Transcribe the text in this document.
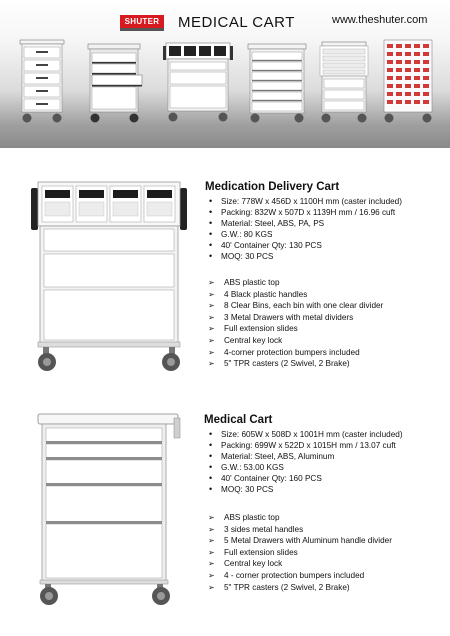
SHUTER	MEDICAL CART	www.theshuter.com
Medication Delivery Cart
• Size: 778W x 456D x 1100H mm (caster included)
• Packing: 832W x 507D x 1139H mm / 16.96 cuft
• Material: Steel, ABS, PA, PS
• G.W.: 80 KGS
• 40' Container Qty: 130 PCS
• MOQ: 30 PCS
➢ ABS plastic top
➢ 4 Black plastic handles
➢ 8 Clear Bins, each bin with one clear divider
➢ 3 Metal Drawers with metal dividers
➢ Full extension slides
➢ Central key lock
➢ 4-corner protection bumpers included
➢ 5" TPR casters (2 Swivel, 2 Brake)
Medical Cart
• Size: 605W x 508D x 1001H mm (caster included)
• Packing: 699W x 522D x 1015H mm / 13.07 cuft
• Material: Steel, ABS, Aluminum
• G.W.: 53.00 KGS
• 40' Container Qty: 160 PCS
• MOQ: 30 PCS
➢ ABS plastic top
➢ 3 sides metal handles
➢ 5 Metal Drawers with Aluminum handle divider
➢ Full extension slides
➢ Central key lock
➢ 4 - corner protection bumpers included
➢ 5" TPR casters (2 Swivel, 2 Brake)
